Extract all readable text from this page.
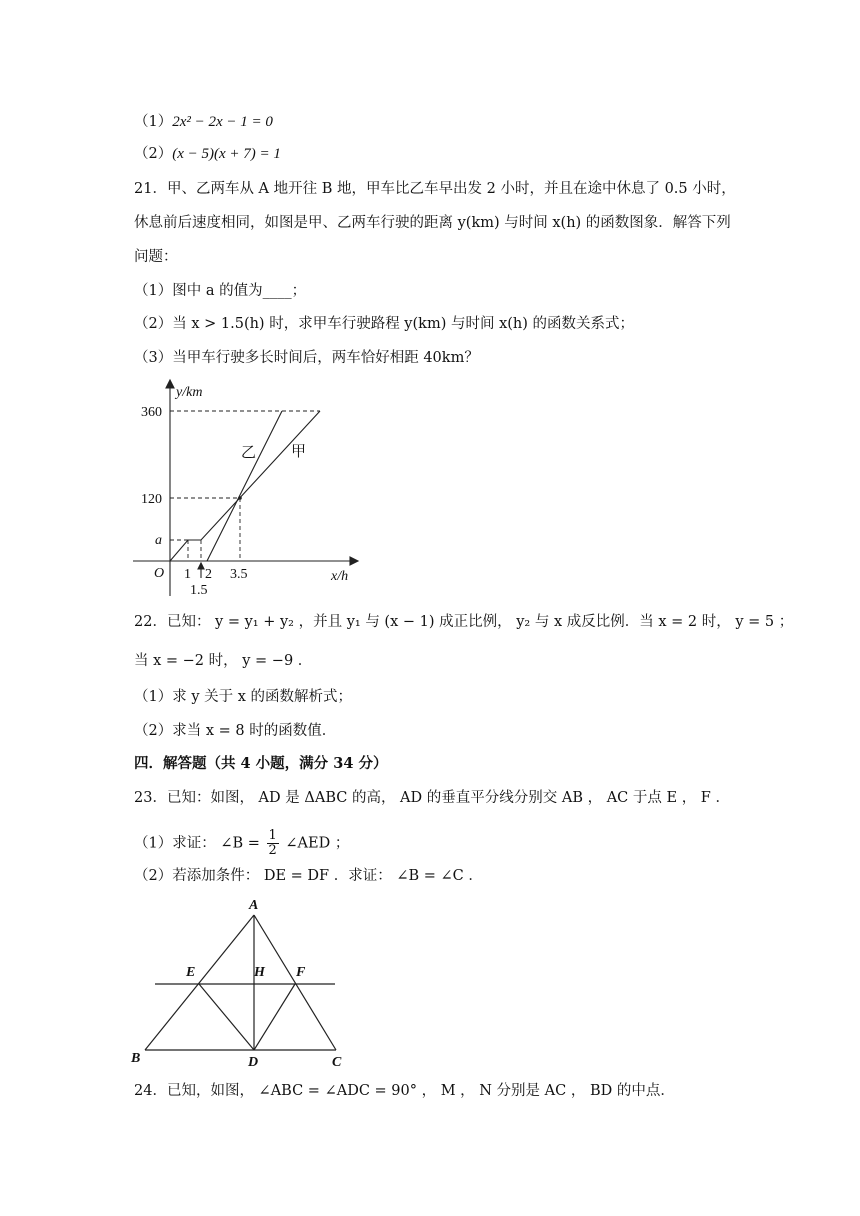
（1）2x² − 2x − 1 = 0
（2）(x − 5)(x + 7) = 1
21．甲、乙两车从 A 地开往 B 地，甲车比乙车早出发 2 小时，并且在途中休息了 0.5 小时，
休息前后速度相同，如图是甲、乙两车行驶的距离 y(km) 与时间 x(h) 的函数图象．解答下列
问题：
（1）图中 a 的值为____；
（2）当 x > 1.5(h) 时，求甲车行驶路程 y(km) 与时间 x(h) 的函数关系式；
（3）当甲车行驶多长时间后，两车恰好相距 40km？
y/km
x/h
O
360
120
a
1 2 3.5
1.5
乙 甲
22．已知： y = y₁ + y₂ ，并且 y₁ 与 (x − 1) 成正比例， y₂ 与 x 成反比例．当 x = 2 时， y = 5 ；
当 x = −2 时， y = −9 ．
（1）求 y 关于 x 的函数解析式；
（2）求当 x = 8 时的函数值．
四．解答题（共 4 小题，满分 34 分）
23．已知：如图， AD 是 ΔABC 的高， AD 的垂直平分线分别交 AB ， AC 于点 E ， F ．
（1）求证： ∠B = $\frac{1}{2}$ ∠AED ；
（2）若添加条件： DE = DF ．求证： ∠B = ∠C ．
A
B	C
D
E	F
H
24．已知，如图， ∠ABC = ∠ADC = 90° ， M ， N 分别是 AC ， BD 的中点．
